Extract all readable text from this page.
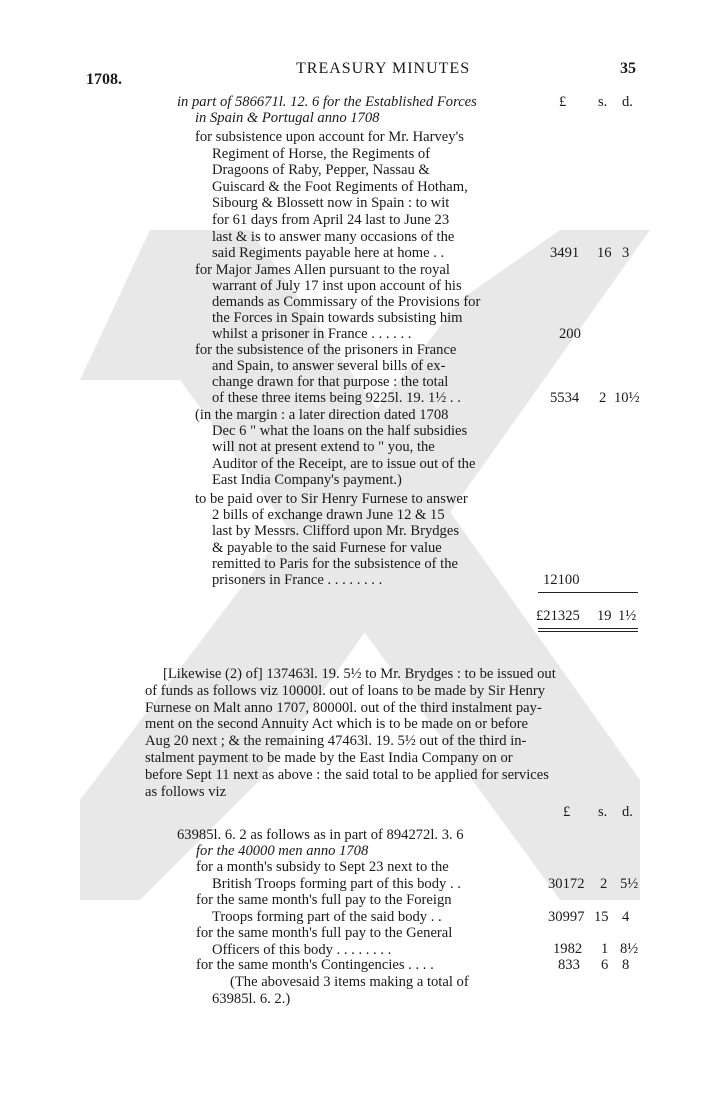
1708.
TREASURY MINUTES	35
£ s. d.
in part of 586671l. 12. 6 for the Established Forces
in Spain & Portugal anno 1708
for subsistence upon account for Mr. Harvey's
Regiment of Horse, the Regiments of
Dragoons of Raby, Pepper, Nassau &
Guiscard & the Foot Regiments of Hotham,
Sibourg & Blossett now in Spain : to wit
for 61 days from April 24 last to June 23
last & is to answer many occasions of the
said Regiments payable here at home . .	3491 16 3
for Major James Allen pursuant to the royal
warrant of July 17 inst upon account of his
demands as Commissary of the Provisions for
the Forces in Spain towards subsisting him
whilst a prisoner in France . . . . . .	200
for the subsistence of the prisoners in France
and Spain, to answer several bills of ex-
change drawn for that purpose : the total
of these three items being 9225l. 19. 1½ . .	5534 2 10½
(in the margin : a later direction dated 1708
Dec 6 " what the loans on the half subsidies
will not at present extend to " you, the
Auditor of the Receipt, are to issue out of the
East India Company's payment.)
to be paid over to Sir Henry Furnese to answer
2 bills of exchange drawn June 12 & 15
last by Messrs. Clifford upon Mr. Brydges
& payable to the said Furnese for value
remitted to Paris for the subsistence of the
prisoners in France . . . . . . . .	12100
£21325 19 1½
[Likewise (2) of] 137463l. 19. 5½ to Mr. Brydges : to be issued out
of funds as follows viz 10000l. out of loans to be made by Sir Henry
Furnese on Malt anno 1707, 80000l. out of the third instalment pay-
ment on the second Annuity Act which is to be made on or before
Aug 20 next ; & the remaining 47463l. 19. 5½ out of the third in-
stalment payment to be made by the East India Company on or
before Sept 11 next as above : the said total to be applied for services
as follows viz
£ s. d.
63985l. 6. 2 as follows as in part of 894272l. 3. 6
for the 40000 men anno 1708
for a month's subsidy to Sept 23 next to the
British Troops forming part of this body . .	30172 2 5½
for the same month's full pay to the Foreign
Troops forming part of the said body . .	30997 15 4
for the same month's full pay to the General
Officers of this body . . . . . . . .	1982 1 8½
for the same month's Contingencies . . . .	833 6 8
(The abovesaid 3 items making a total of
63985l. 6. 2.)
